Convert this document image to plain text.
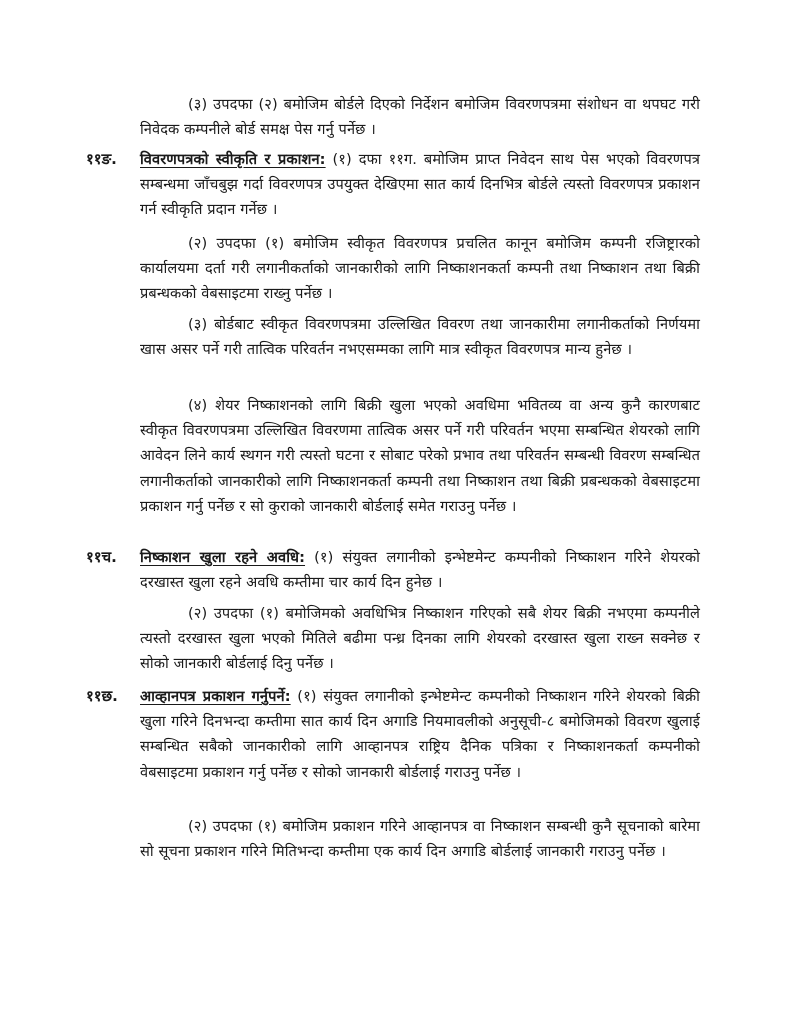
(३) उपदफा (२) बमोजिम बोर्डले दिएको निर्देशन बमोजिम विवरणपत्रमा संशोधन वा थपघट गरी निवेदक कम्पनीले बोर्ड समक्ष पेस गर्नु पर्नेछ ।
११ङ. विवरणपत्रको स्वीकृति र प्रकाशन: (१) दफा ११ग. बमोजिम प्राप्त निवेदन साथ पेस भएको विवरणपत्र सम्बन्धमा जाँचबुझ गर्दा विवरणपत्र उपयुक्त देखिएमा सात कार्य दिनभित्र बोर्डले त्यस्तो विवरणपत्र प्रकाशन गर्न स्वीकृति प्रदान गर्नेछ ।
(२) उपदफा (१) बमोजिम स्वीकृत विवरणपत्र प्रचलित कानून बमोजिम कम्पनी रजिष्ट्रारको कार्यालयमा दर्ता गरी लगानीकर्ताको जानकारीको लागि निष्काशनकर्ता कम्पनी तथा निष्काशन तथा बिक्री प्रबन्धकको वेबसाइटमा राख्नु पर्नेछ ।
(३) बोर्डबाट स्वीकृत विवरणपत्रमा उल्लिखित विवरण तथा जानकारीमा लगानीकर्ताको निर्णयमा खास असर पर्ने गरी तात्विक परिवर्तन नभएसम्मका लागि मात्र स्वीकृत विवरणपत्र मान्य हुनेछ ।
(४) शेयर निष्काशनको लागि बिक्री खुला भएको अवधिमा भवितव्य वा अन्य कुनै कारणबाट स्वीकृत विवरणपत्रमा उल्लिखित विवरणमा तात्विक असर पर्ने गरी परिवर्तन भएमा सम्बन्धित शेयरको लागि आवेदन लिने कार्य स्थगन गरी त्यस्तो घटना र सोबाट परेको प्रभाव तथा परिवर्तन सम्बन्धी विवरण सम्बन्धित लगानीकर्ताको जानकारीको लागि निष्काशनकर्ता कम्पनी तथा निष्काशन तथा बिक्री प्रबन्धकको वेबसाइटमा प्रकाशन गर्नु पर्नेछ र सो कुराको जानकारी बोर्डलाई समेत गराउनु पर्नेछ ।
११च. निष्काशन खुला रहने अवधि: (१) संयुक्त लगानीको इन्भेष्टमेन्ट कम्पनीको निष्काशन गरिने शेयरको दरखास्त खुला रहने अवधि कम्तीमा चार कार्य दिन हुनेछ ।
(२) उपदफा (१) बमोजिमको अवधिभित्र निष्काशन गरिएको सबै शेयर बिक्री नभएमा कम्पनीले त्यस्तो दरखास्त खुला भएको मितिले बढीमा पन्ध्र दिनका लागि शेयरको दरखास्त खुला राख्न सक्नेछ र सोको जानकारी बोर्डलाई दिनु पर्नेछ ।
११छ. आव्हानपत्र प्रकाशन गर्नुपर्ने: (१) संयुक्त लगानीको इन्भेष्टमेन्ट कम्पनीको निष्काशन गरिने शेयरको बिक्री खुला गरिने दिनभन्दा कम्तीमा सात कार्य दिन अगाडि नियमावलीको अनुसूची-८ बमोजिमको विवरण खुलाई सम्बन्धित सबैको जानकारीको लागि आव्हानपत्र राष्ट्रिय दैनिक पत्रिका र निष्काशनकर्ता कम्पनीको वेबसाइटमा प्रकाशन गर्नु पर्नेछ र सोको जानकारी बोर्डलाई गराउनु पर्नेछ ।
(२) उपदफा (१) बमोजिम प्रकाशन गरिने आव्हानपत्र वा निष्काशन सम्बन्धी कुनै सूचनाको बारेमा सो सूचना प्रकाशन गरिने मितिभन्दा कम्तीमा एक कार्य दिन अगाडि बोर्डलाई जानकारी गराउनु पर्नेछ ।
